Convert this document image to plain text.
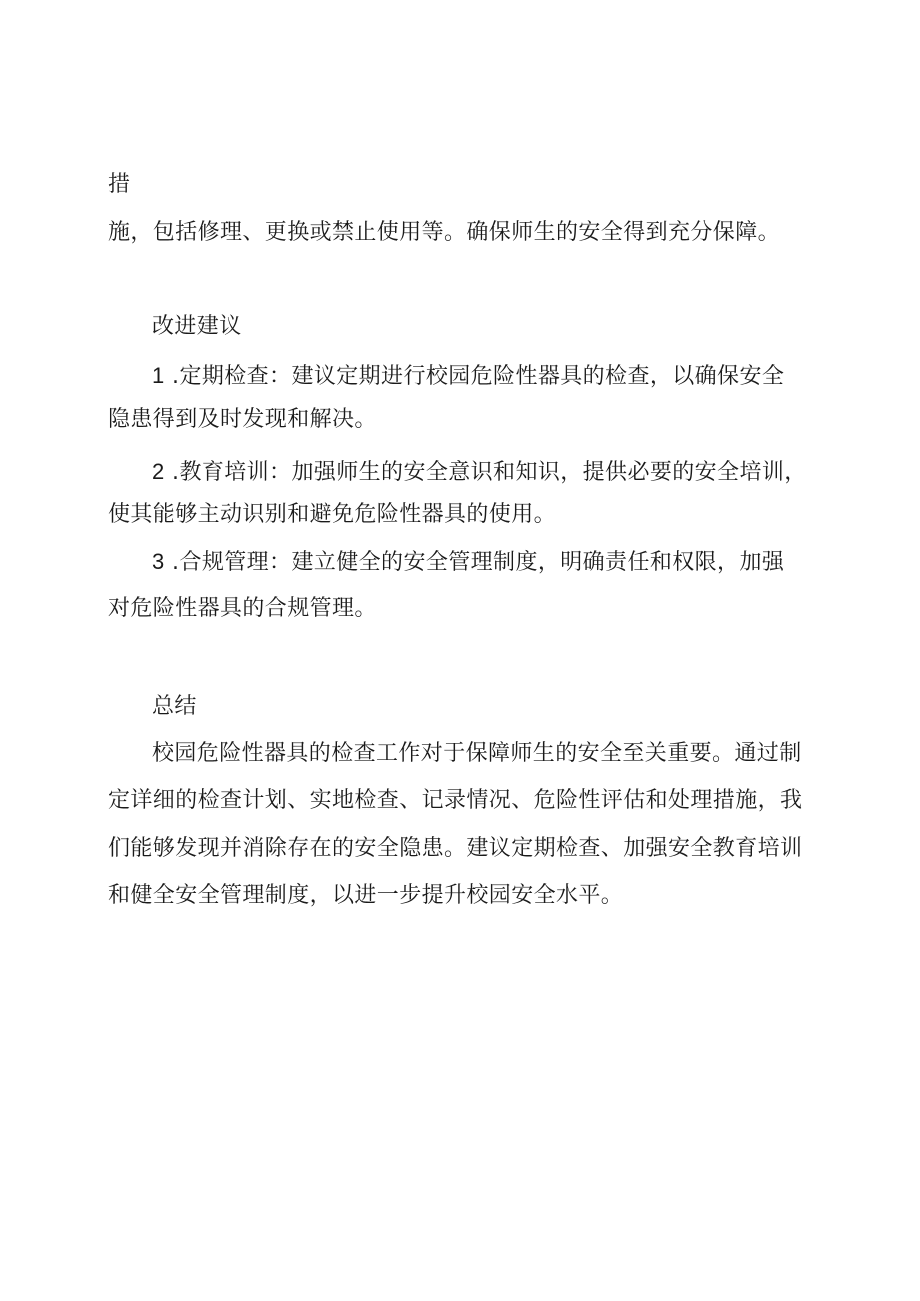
措
施，包括修理、更换或禁止使用等。确保师生的安全得到充分保障。
改进建议
1 .定期检查：建议定期进行校园危险性器具的检查，以确保安全
隐患得到及时发现和解决。
2 .教育培训：加强师生的安全意识和知识，提供必要的安全培训，
使其能够主动识别和避免危险性器具的使用。
3 .合规管理：建立健全的安全管理制度，明确责任和权限，加强
对危险性器具的合规管理。
总结
校园危险性器具的检查工作对于保障师生的安全至关重要。通过制
定详细的检查计划、实地检查、记录情况、危险性评估和处理措施，我
们能够发现并消除存在的安全隐患。建议定期检查、加强安全教育培训
和健全安全管理制度，以进一步提升校园安全水平。
